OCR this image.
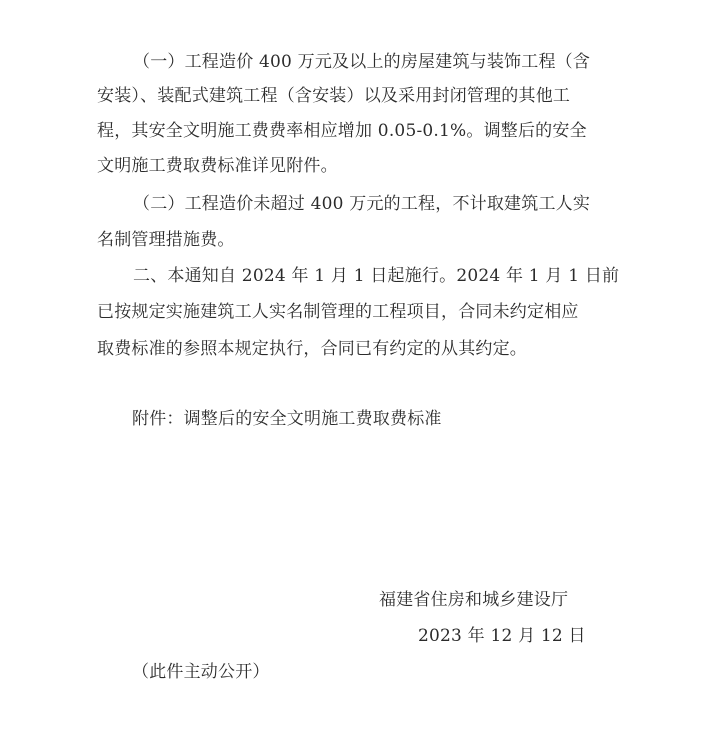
（一）工程造价 400 万元及以上的房屋建筑与装饰工程（含
安装）、装配式建筑工程（含安装）以及采用封闭管理的其他工
程，其安全文明施工费费率相应增加 0.05-0.1%。调整后的安全
文明施工费取费标准详见附件。
（二）工程造价未超过 400 万元的工程，不计取建筑工人实
名制管理措施费。
二、本通知自 2024 年 1 月 1 日起施行。2024 年 1 月 1 日前
已按规定实施建筑工人实名制管理的工程项目，合同未约定相应
取费标准的参照本规定执行，合同已有约定的从其约定。
附件：调整后的安全文明施工费取费标准
福建省住房和城乡建设厅
2023 年 12 月 12 日
（此件主动公开）
